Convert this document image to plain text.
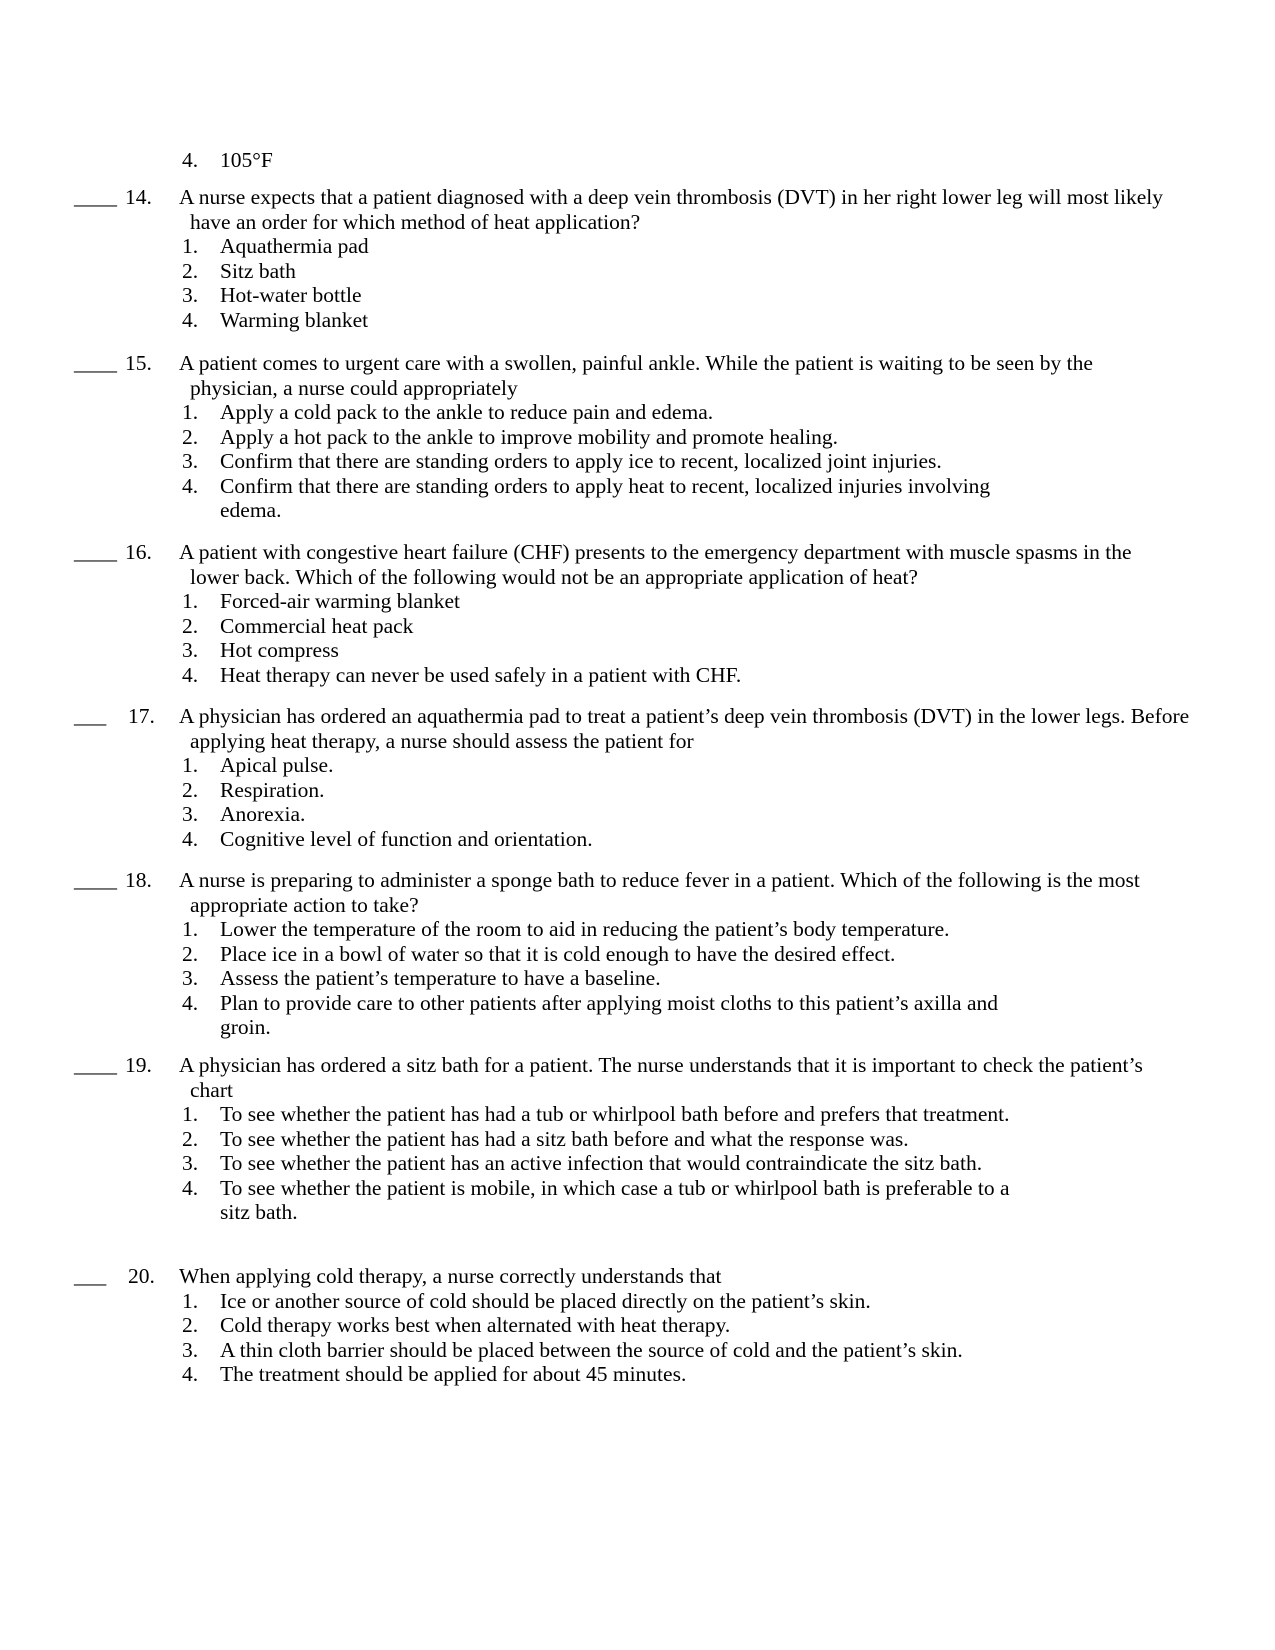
4. 105°F
____ 14.	A nurse expects that a patient diagnosed with a deep vein thrombosis (DVT) in her right lower leg will most likely have an order for which method of heat application?
1. Aquathermia pad
2. Sitz bath
3. Hot-water bottle
4. Warming blanket
____ 15.	A patient comes to urgent care with a swollen, painful ankle. While the patient is waiting to be seen by the physician, a nurse could appropriately
1. Apply a cold pack to the ankle to reduce pain and edema.
2. Apply a hot pack to the ankle to improve mobility and promote healing.
3. Confirm that there are standing orders to apply ice to recent, localized joint injuries.
4. Confirm that there are standing orders to apply heat to recent, localized injuries involving edema.
____ 16.	A patient with congestive heart failure (CHF) presents to the emergency department with muscle spasms in the lower back. Which of the following would not be an appropriate application of heat?
1. Forced-air warming blanket
2. Commercial heat pack
3. Hot compress
4. Heat therapy can never be used safely in a patient with CHF.
___ 17.	A physician has ordered an aquathermia pad to treat a patient’s deep vein thrombosis (DVT) in the lower legs. Before applying heat therapy, a nurse should assess the patient for
1. Apical pulse.
2. Respiration.
3. Anorexia.
4. Cognitive level of function and orientation.
____ 18.	A nurse is preparing to administer a sponge bath to reduce fever in a patient. Which of the following is the most appropriate action to take?
1. Lower the temperature of the room to aid in reducing the patient’s body temperature.
2. Place ice in a bowl of water so that it is cold enough to have the desired effect.
3. Assess the patient’s temperature to have a baseline.
4. Plan to provide care to other patients after applying moist cloths to this patient’s axilla and groin.
____ 19.	A physician has ordered a sitz bath for a patient. The nurse understands that it is important to check the patient’s chart
1. To see whether the patient has had a tub or whirlpool bath before and prefers that treatment.
2. To see whether the patient has had a sitz bath before and what the response was.
3. To see whether the patient has an active infection that would contraindicate the sitz bath.
4. To see whether the patient is mobile, in which case a tub or whirlpool bath is preferable to a sitz bath.
___ 20.	When applying cold therapy, a nurse correctly understands that
1. Ice or another source of cold should be placed directly on the patient’s skin.
2. Cold therapy works best when alternated with heat therapy.
3. A thin cloth barrier should be placed between the source of cold and the patient’s skin.
4. The treatment should be applied for about 45 minutes.
